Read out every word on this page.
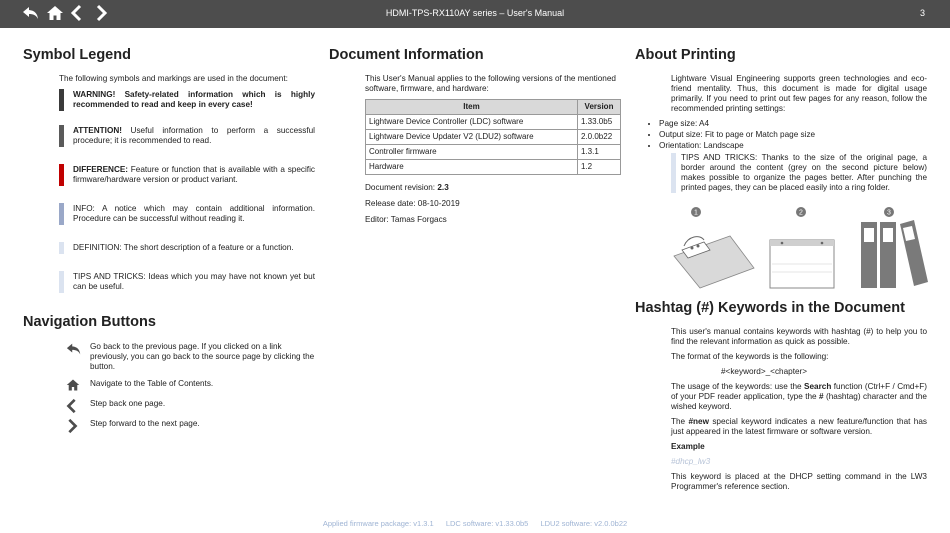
HDMI-TPS-RX110AY series – User's Manual	3
Symbol Legend

The following symbols and markings are used in the document:

WARNING! Safety-related information which is highly recommended to read and keep in every case!
ATTENTION! Useful information to perform a successful procedure; it is recommended to read.
DIFFERENCE: Feature or function that is available with a specific firmware/hardware version or product variant.
INFO: A notice which may contain additional information. Procedure can be successful without reading it.
DEFINITION: The short description of a feature or a function.
TIPS AND TRICKS: Ideas which you may have not known yet but can be useful.
Navigation Buttons
Go back to the previous page. If you clicked on a link previously, you can go back to the source page by clicking the button.
Navigate to the Table of Contents.
Step back one page.
Step forward to the next page.
Document Information

This User's Manual applies to the following versions of the mentioned software, firmware, and hardware:

Item	Version
Lightware Device Controller (LDC) software	1.33.0b5
Lightware Device Updater V2 (LDU2) software	2.0.0b22
Controller firmware	1.3.1
Hardware	1.2

Document revision: 2.3

Release date: 08-10-2019

Editor: Tamas Forgacs

About Printing

Lightware Visual Engineering supports green technologies and eco-friend mentality. Thus, this document is made for digital usage primarily. If you need to print out few pages for any reason, follow the recommended printing settings:

• Page size: A4
• Output size: Fit to page or Match page size
• Orientation: Landscape
TIPS AND TRICKS: Thanks to the size of the original page, a border around the content (grey on the second picture below) makes possible to organize the pages better. After punching the printed pages, they can be placed easily into a ring folder.
Hashtag (#) Keywords in the Document

This user's manual contains keywords with hashtag (#) to help you to find the relevant information as quick as possible.

The format of the keywords is the following:

#<keyword>_<chapter>

The usage of the keywords: use the Search function (Ctrl+F / Cmd+F) of your PDF reader application, type the # (hashtag) character and the wished keyword.

The #new special keyword indicates a new feature/function that has just appeared in the latest firmware or software version.

Example

#dhcp_lw3

This keyword is placed at the DHCP setting command in the LW3 Programmer's reference section.

1	2	3
Applied firmware package: v1.3.1 LDC software: v1.33.0b5 LDU2 software: v2.0.0b22
